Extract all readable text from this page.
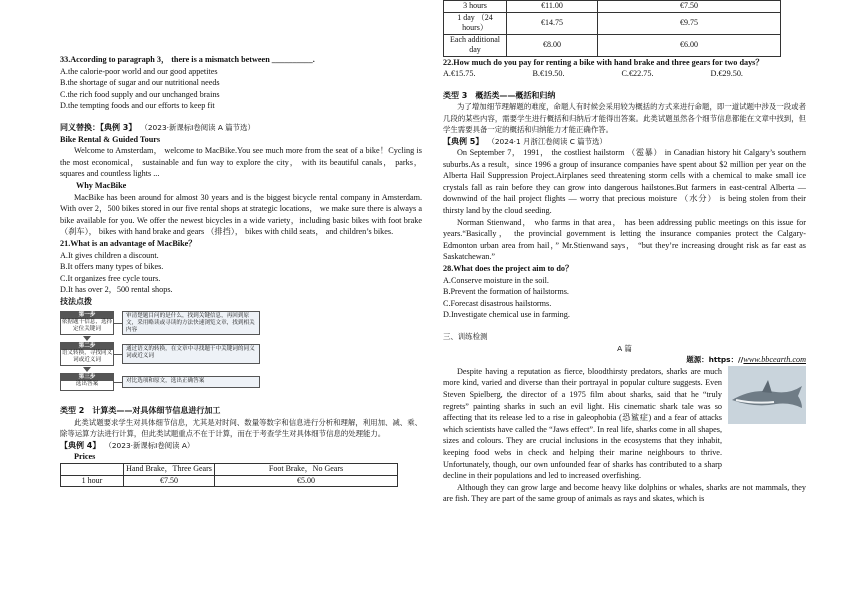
33.According to paragraph 3， there is a mismatch between __________.

A.the calorie-poor world and our good appetites

B.the shortage of sugar and our nutritional needs

C.the rich food supply and our unchanged brains

D.the tempting foods and our efforts to keep fit

同义替换：【典例 3】 （2023·新课标Ⅰ卷阅读 A 篇节选）

Bike Rental & Guided Tours

Welcome to Amsterdam， welcome to MacBike.You see much more from the seat of a bike！Cycling is the most economical， sustainable and fun way to explore the city， with its beautiful canals， parks， squares and countless lights ...

Why MacBike

MacBike has been around for almost 30 years and is the biggest bicycle rental company in Amsterdam. With over 2，500 bikes stored in our five rental shops at strategic locations， we make sure there is always a bike available for you. We offer the newest bicycles in a wide variety，including basic bikes with foot brake （刹车）， bikes with hand brake and gears （排挡）， bikes with child seats， and children’s bikes.

21.What is an advantage of MacBike？

A.It gives children a discount.

B.It offers many types of bikes.

C.It organizes free cycle tours.

D.It has over 2，500 rental shops.

技法点拨

第一步
依据题干信息，选择定位关键词
审清楚题目问的是什么，找到关键信息，再回到原文，采用略读或寻读的方法快速浏览文章，找到相关内容
第二步
语义转换，寻找同义词或近义词
通过语义的转换，在文章中寻找题干中关键词的同义词或近义词
第三步
选出答案	对比选项和原文，选出正确答案

类型 2　计算类——对具体细节信息进行加工

此类试题要求学生对具体细节信息，尤其是对时间、数量等数字和信息进行分析和理解，利用加、减、乘、除等运算方法进行计算，但此类试题重点不在于计算，而在于考查学生对具体细节信息的处理能力。

【典例 4】 （2023·新课标Ⅰ卷阅读 A）

Prices

	Hand Brake，Three Gears	Foot Brake，No Gears
1 hour	€7.50	€5.00
3 hours	€11.00	€7.50
1 day （24 hours）	€14.75	€9.75
Each additional day	€8.00	€6.00

22.How much do you pay for renting a bike with hand brake and three gears for two days？

A.€15.75.	B.€19.50.	C.€22.75.	D.€29.50.

类型 3　概括类——概括和归纳

为了增加细节理解题的难度，命题人有时候会采用较为概括的方式来进行命题，即一道试题中涉及一段或者几段的某些内容，需要学生进行概括和归纳后才能得出答案。此类试题虽然各个细节信息都能在文章中找到，但学生需要具备一定的概括和归纳能力才能正确作答。

【典例 5】 （2024·1 月浙江卷阅读 C 篇节选）

On September 7， 1991， the costliest hailstorm （雹暴） in Canadian history hit Calgary’s southern suburbs.As a result，since 1996 a group of insurance companies have spent about $2 million per year on the Alberta Hail Suppression Project.Airplanes seed threatening storm cells with a chemical to make small ice crystals fall as rain before they can grow into dangerous hailstones.But farmers in east-central Alberta — downwind of the hail project flights — worry that precious moisture （水分） is being stolen from their thirsty land by the cloud seeding.

Norman Stienwand， who farms in that area， has been addressing public meetings on this issue for years.“Basically， the provincial government is letting the insurance companies protect the Calgary-Edmonton urban area from hail，” Mr.Stienwand says， “but they’re increasing drought risk as far east as Saskatchewan.”

28.What does the project aim to do？

A.Conserve moisture in the soil.

B.Prevent the formation of hailstorms.

C.Forecast disastrous hailstorms.

D.Investigate chemical use in farming.

三、训练检测

A 篇

题源：https：//www.bbcearth.com

Despite having a reputation as fierce, bloodthirsty predators, sharks are much more kind, varied and diverse than their portrayal in popular culture suggests. Even Steven Spielberg, the director of a 1975 film about sharks, said that he “truly regrets” painting sharks in such an evil light. His cinematic shark tale was so affecting that its release led to a rise in galeophobia (恐鲨症) and a fear of attacks which scientists have called the “Jaws effect”. In real life, sharks come in all shapes, sizes and colours. They are crucial inclusions in the ecosystems that they inhabit, keeping food webs in check and helping their marine neighbours to thrive. Unfortunately, though, our own unfounded fear of sharks has contributed to a sharp decline in their populations and led to increased overfishing.

Although they can grow large and become heavy like dolphins or whales, sharks are not mammals, they are fish. They are part of the same group of animals as rays and skates, which is
